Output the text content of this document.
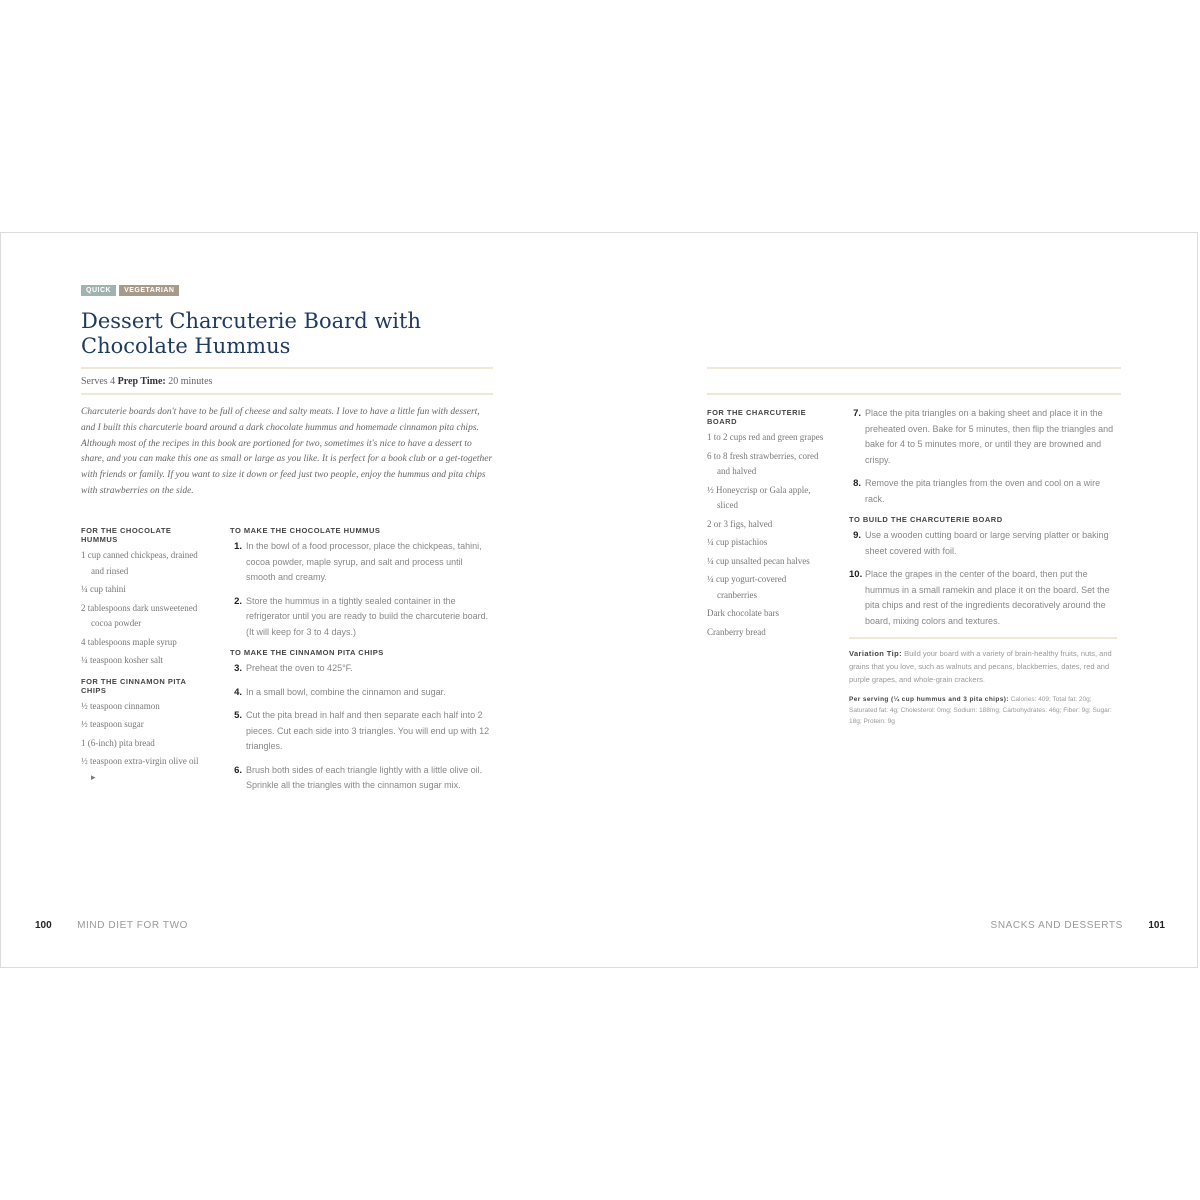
QUICK	VEGETARIAN
Dessert Charcuterie Board with Chocolate Hummus
Serves 4 Prep Time: 20 minutes

Charcuterie boards don't have to be full of cheese and salty meats. I love to have a little fun with dessert, and I built this charcuterie board around a dark chocolate hummus and homemade cinnamon pita chips. Although most of the recipes in this book are portioned for two, sometimes it's nice to have a dessert to share, and you can make this one as small or large as you like. It is perfect for a book club or a get-together with friends or family. If you want to size it down or feed just two people, enjoy the hummus and pita chips with strawberries on the side.

FOR THE CHOCOLATE HUMMUS
1 cup canned chickpeas, drained and rinsed
¼ cup tahini
2 tablespoons dark unsweetened cocoa powder
4 tablespoons maple syrup
¼ teaspoon kosher salt
FOR THE CINNAMON PITA CHIPS
½ teaspoon cinnamon
½ teaspoon sugar
1 (6-inch) pita bread
½ teaspoon extra-virgin olive oil ▸
TO MAKE THE CHOCOLATE HUMMUS
1. In the bowl of a food processor, place the chickpeas, tahini, cocoa powder, maple syrup, and salt and process until smooth and creamy.
2. Store the hummus in a tightly sealed container in the refrigerator until you are ready to build the charcuterie board. (It will keep for 3 to 4 days.)
TO MAKE THE CINNAMON PITA CHIPS
3. Preheat the oven to 425°F.
4. In a small bowl, combine the cinnamon and sugar.
5. Cut the pita bread in half and then separate each half into 2 pieces. Cut each side into 3 triangles. You will end up with 12 triangles.
6. Brush both sides of each triangle lightly with a little olive oil. Sprinkle all the triangles with the cinnamon sugar mix.
FOR THE CHARCUTERIE BOARD
1 to 2 cups red and green grapes
6 to 8 fresh strawberries, cored and halved
½ Honeycrisp or Gala apple, sliced
2 or 3 figs, halved
¼ cup pistachios
¼ cup unsalted pecan halves
¼ cup yogurt-covered cranberries
Dark chocolate bars
Cranberry bread
7. Place the pita triangles on a baking sheet and place it in the preheated oven. Bake for 5 minutes, then flip the triangles and bake for 4 to 5 minutes more, or until they are browned and crispy.
8. Remove the pita triangles from the oven and cool on a wire rack.
TO BUILD THE CHARCUTERIE BOARD
9. Use a wooden cutting board or large serving platter or baking sheet covered with foil.
10. Place the grapes in the center of the board, then put the hummus in a small ramekin and place it on the board. Set the pita chips and rest of the ingredients decoratively around the board, mixing colors and textures.
Variation Tip: Build your board with a variety of brain-healthy fruits, nuts, and grains that you love, such as walnuts and pecans, blackberries, dates, red and purple grapes, and whole-grain crackers.
Per serving (¼ cup hummus and 3 pita chips): Calories: 409; Total fat: 20g; Saturated fat: 4g; Cholesterol: 0mg; Sodium: 188mg; Carbohydrates: 46g; Fiber: 9g; Sugar: 18g; Protein: 9g
100	MIND DIET FOR TWO	SNACKS AND DESSERTS	101
